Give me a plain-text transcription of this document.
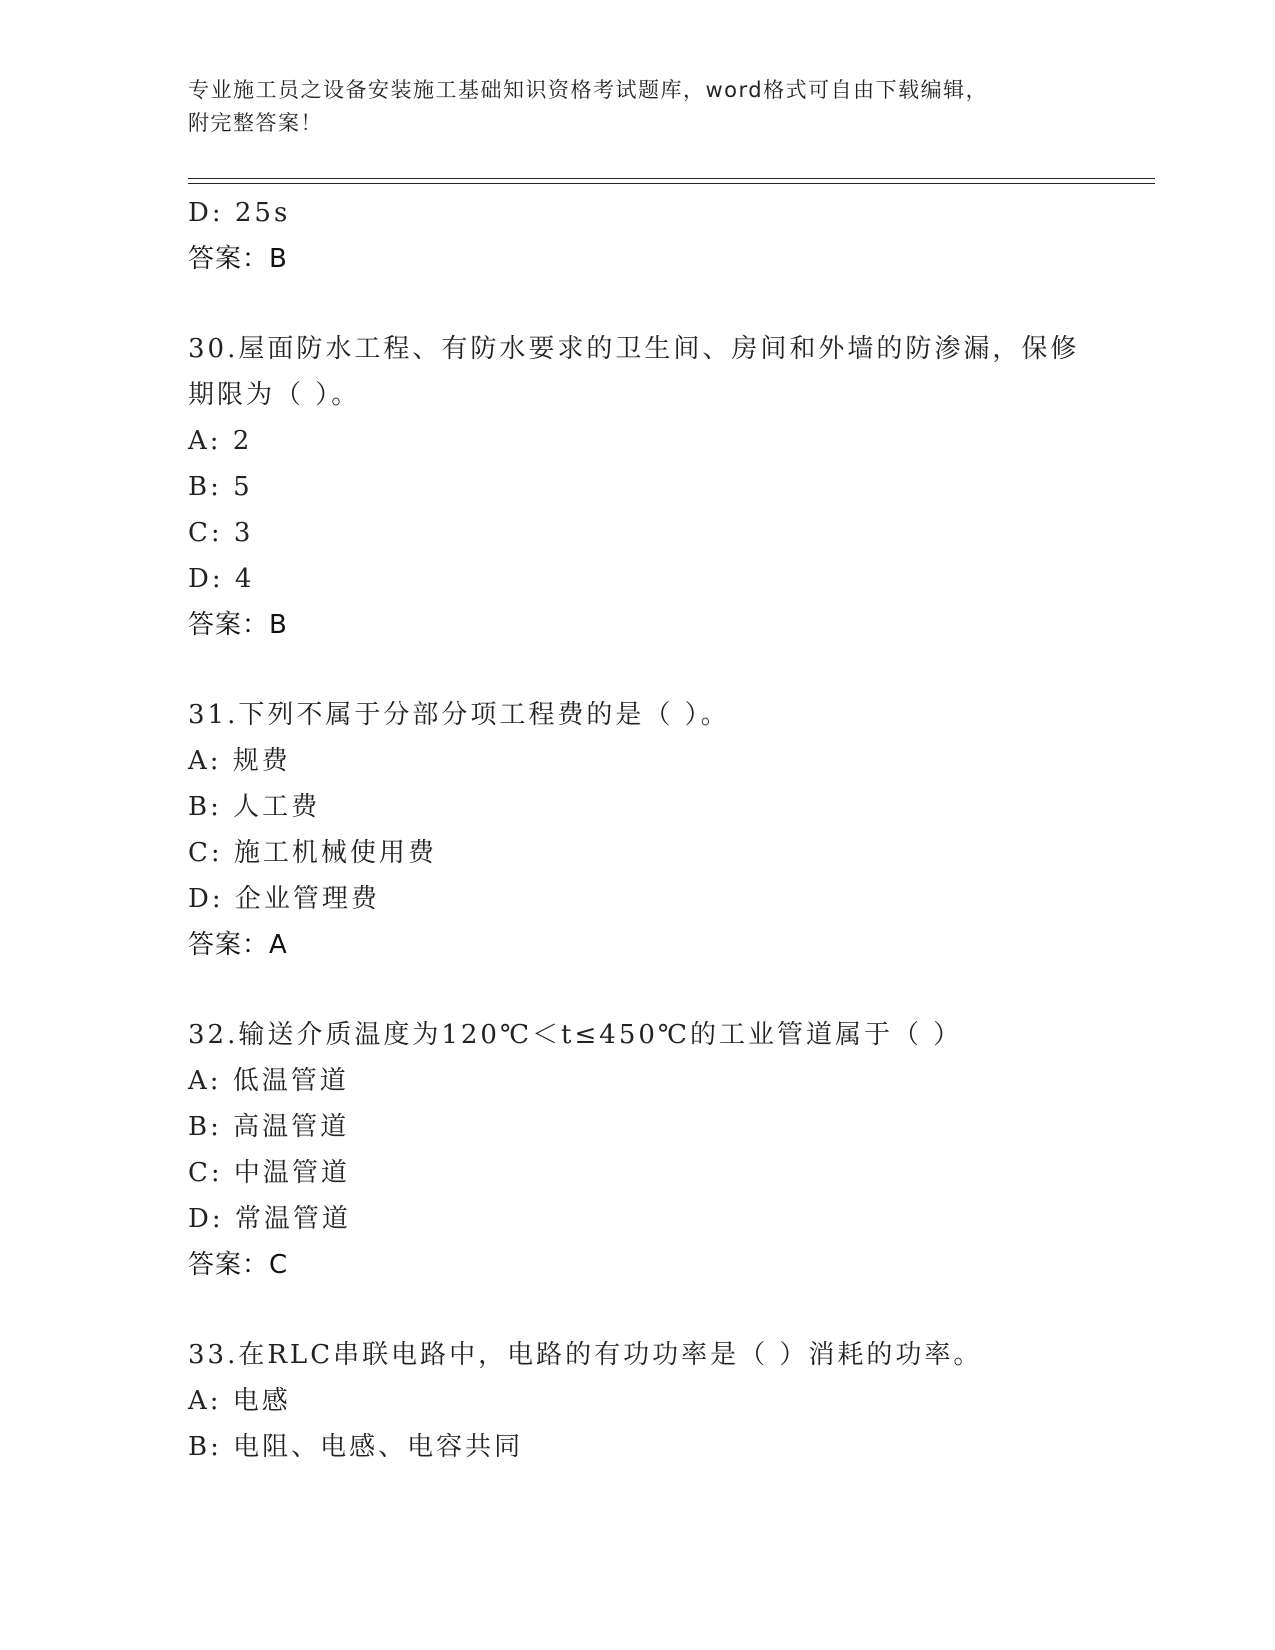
专业施工员之设备安装施工基础知识资格考试题库，word格式可自由下载编辑，
附完整答案！
D: 25s
答案：B
30.屋面防水工程、有防水要求的卫生间、房间和外墙的防渗漏，保修
期限为（ ）。
A: 2
B: 5
C: 3
D: 4
答案：B
31.下列不属于分部分项工程费的是（ ）。
A: 规费
B: 人工费
C: 施工机械使用费
D: 企业管理费
答案：A
32.输送介质温度为120℃＜t≤450℃的工业管道属于（ ）
A: 低温管道
B: 高温管道
C: 中温管道
D: 常温管道
答案：C
33.在RLC串联电路中，电路的有功功率是（ ）消耗的功率。
A: 电感
B: 电阻、电感、电容共同
